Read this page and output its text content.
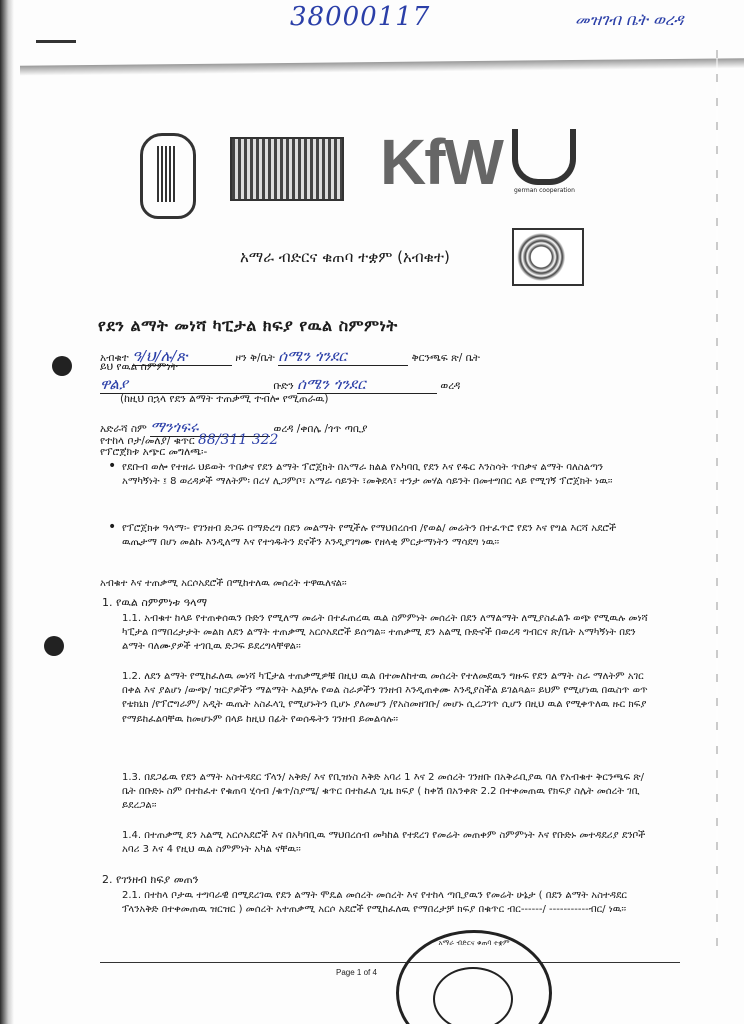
38000117	መዝገብ ቤት ወረዳ
KfW german cooperation
አማራ ብድርና ቁጠባ ተቋም (አብቁተ)
የደን ልማት መነሻ ካፒታል ክፍያ የዉል ስምምነት
አብቁተ ዓ/ህ/ሉ/ጽ	ዞን ቅ/ቤት ሰሜን ጎንደር	ቅርንጫፍ ጽ/ ቤት
ይህ የዉል ስምምነት
ዋልያ	ቡድን ሰሜን ጎንደር	ወረዳ
(ከዚህ በኋላ የደን ልማት ተጠቃሚ ተብሎ የሚጠራዉ)
አድራሻ ስም ማንጎፍሩ	ወረዳ /ቀበሌ /ጎጥ ጣቢያ
የተከላ ቦታ/መለያ/ ቁጥር 88/311 322
የፕሮጀክቱ አጭር መግለጫ፡-
• የደቡብ ወሎ የተዘራ ህይወት ጥበቃና የደን ልማት ፕሮጀክት በአማራ ክልል የአካባቢ የደን እና የዱር እንስሳት ጥበቃና ልማት ባለስልጣን አማካኝነት ፤ 8 ወረዳዎች ማለትም፡ በረሃ ሊጋምቦ፣ አማራ ሳይንት ፣መቅደላ፣ ተንታ መሃል ሳይንት በመተግበር ላይ የሚገኝ ፕሮጀክት ነዉ፡፡
• የፕሮጀክቱ ዓላማ፡- የገንዘብ ድጋፍ በማድረግ በደን መልማት የሚችሉ የማህበረሰብ /የወል/ መሬትን በተፈጥሮ የደን እና የግል እርሻ አደሮች ዉጤታማ በሆነ መልኩ እንዲለማ እና የተጎዱትን ደኖችን እንዲያገግሙ የዘላቂ ምርታማነትን ማሳደግ ነዉ፡፡
አብቁተ እና ተጠቃሚ አርሶአደሮች በሚከተለዉ መሰረት ተዋዉለናል፡፡
1. የዉል ስምምነቱ ዓላማ
1.1. አብቁተ ከላይ የተጠቀሰዉን ቡድን የሚለማ መሬት በተፈጠረዉ ዉል ስምምነት መሰረት በደን ለማልማት ለሚያስፈልጉ ወጭ የሚዉሉ መነሻ ካፒታል በማበረታታት መልክ ለደን ልማት ተጠቃሚ አርሶአደሮች ይሰጣል፡፡ ተጠቃሚ ደን አልሚ ቡድኖች በወረዳ ግብርና ጽ/ቤት አማካኝነት በደን ልማት ባለሙያዎች ተገቢዉ ድጋፍ ይደረግላቸዋል፡፡
1.2. ለደን ልማት የሚከፈለዉ መነሻ ካፒታል ተጠቃሚዎቹ በዚህ ዉል በተመለከተዉ መሰረት የተለመደዉን ግዙፍ የደን ልማት ስራ ማለትም አገር በቀል እና ያልሆነ /ውጭ/ ዝርያዎችን ማልማት ኣልቻሉ የወል ስራዎችን ገንዘብ እንዲጠቀሙ እንዲያስችል ይገልጻል፡፡ ይህም የሚሆነዉ በዉስጥ ወጥ የቴክኒክ /የፕሮግራም/ አዲት ዉጤት አስፈላጊ የሚሆኑትን ቢሆኑ ያለመሆን /የአስመዘገቡ/ መሆኑ ሲረጋገጥ ሲሆን በዚህ ዉል የሚቀጥለዉ ዙር ክፍያ የማይከፈልባቸዉ ከመሆኑም በላይ ከዚህ በፊት የወሰዱትን ገንዘብ ይመልሳሉ፡፡
1.3. በደጋፊዉ የደን ልማት አስተዳደር ፕላን/ አቅድ/ እና የቢዝነስ እቅድ አባሪ 1 እና 2 መሰረት ገንዘቡ በአቅራቢያዉ ባለ የአብቁተ ቅርንጫፍ ጽ/ቤት በቡድኑ ስም በተከፈተ የቁጠባ ሂሳብ /ቁጥ/ስያሜ/ ቁጥር በተከፈለ ጊዜ ክፍያ ( ከቀሽ በአንቀጽ 2.2 በተቀመጠዉ የክፍያ ስሌት መሰረት ገቢ ይደረጋል፡፡
1.4. በተጠቃሚ ደን አልሚ አርሶአደሮች እና በአካባቢዉ ማህበረሰብ መካከል የተደረገ የመሬት መጠቀም ስምምነት እና የቡድኑ መተዳደሪያ ደንቦች አባሪ 3 እና 4 የዚህ ዉል ስምምነት አካል ናቸዉ፡፡
2. የገንዘብ ክፍያ መጠን
2.1. በተከላ ቦታዉ ተግባራዊ በሚደረገዉ የደን ልማት ሞዴል መሰረት መሰረት እና የተከላ ጣቢያዉን የመሬት ሁኔታ ( በደን ልማት አስተዳደር ፕላንአቅድ በተቀመጠዉ ዝርዝር ) መሰረት አተጠቃሚ አርሶ አደሮች የሚከፈለዉ የማበረታቻ ክፍያ በቁጥር ብር------/ -----------ብር/ ነዉ፡፡
Page 1 of 4
አማራ ብድርና ቁጠባ ተቋም
